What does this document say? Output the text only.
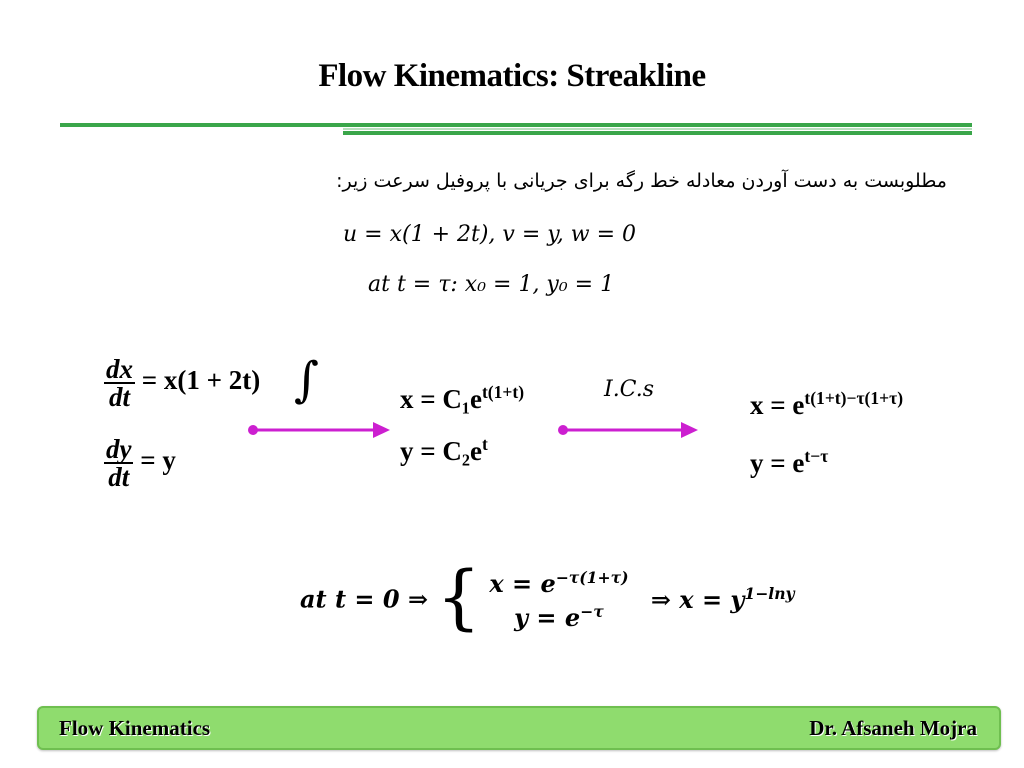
Flow Kinematics: Streakline
مطلوبست به دست آوردن معادله خط رگه برای جریانی با پروفیل سرعت زیر:
u = x(1 + 2t), v = y, w = 0
at t = τ: x₀ = 1, y₀ = 1
$\frac{dx}{dt} = x(1 + 2t)$ ∫
$\frac{dy}{dt} = y$
$x = C_1e^{t(1+t)}$
$y = C_2e^t$
I.C.s
$x = e^{t(1+t)-\tau(1+\tau)}$
$y = e^{t-\tau}$
at t = 0 ⇒ { $x = e^{-\tau(1+\tau)}$
$y = e^{-\tau}$	⇒ $x = y^{1-lny}$
Flow Kinematics	Dr. Afsaneh Mojra
